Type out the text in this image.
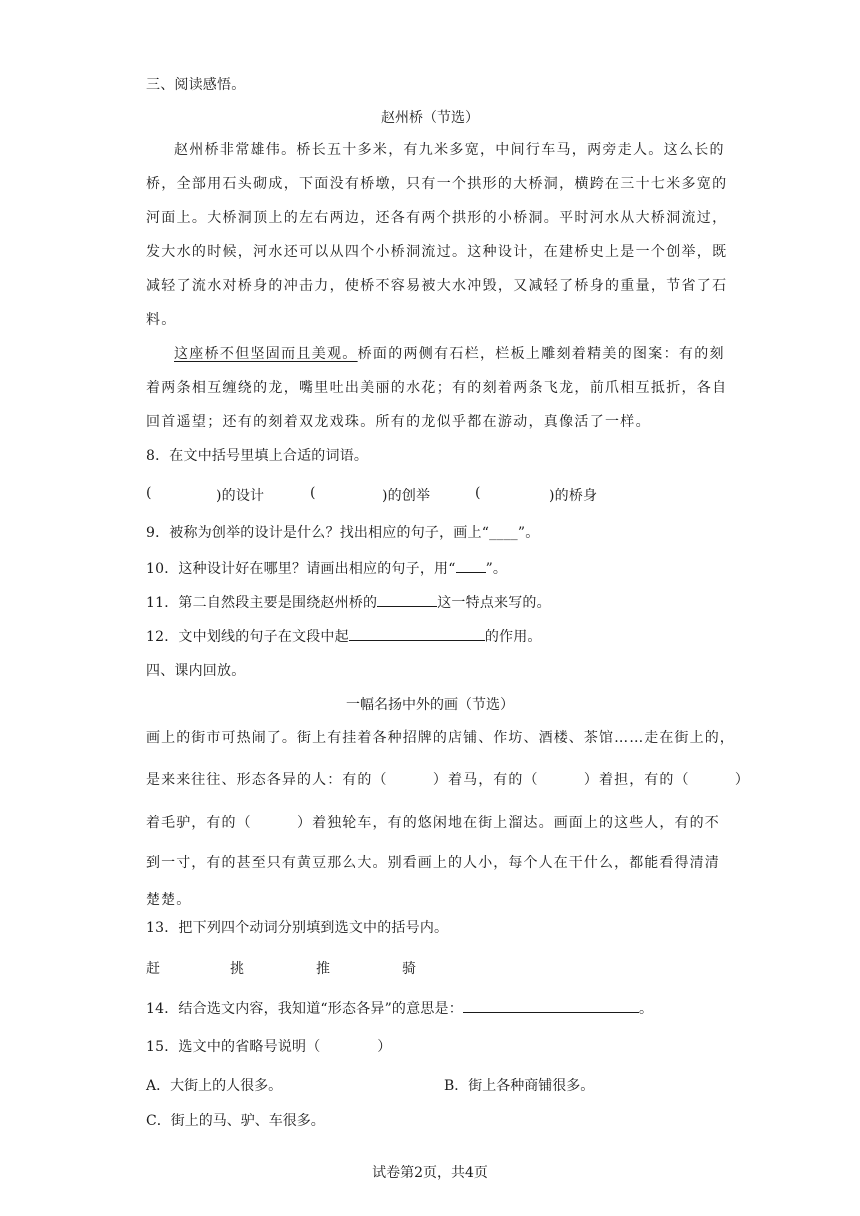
三、阅读感悟。
赵州桥（节选）
赵州桥非常雄伟。桥长五十多米，有九米多宽，中间行车马，两旁走人。这么长的
桥，全部用石头砌成，下面没有桥墩，只有一个拱形的大桥洞，横跨在三十七米多宽的
河面上。大桥洞顶上的左右两边，还各有两个拱形的小桥洞。平时河水从大桥洞流过，
发大水的时候，河水还可以从四个小桥洞流过。这种设计，在建桥史上是一个创举，既
减轻了流水对桥身的冲击力，使桥不容易被大水冲毁，又减轻了桥身的重量，节省了石
料。
这座桥不但坚固而且美观。桥面的两侧有石栏，栏板上雕刻着精美的图案：有的刻
着两条相互缠绕的龙，嘴里吐出美丽的水花；有的刻着两条飞龙，前爪相互抵折，各自
回首遥望；还有的刻着双龙戏珠。所有的龙似乎都在游动，真像活了一样。
8．在文中括号里填上合适的词语。
(	)的设计	(	)的创举	(	)的桥身
9．被称为创举的设计是什么？找出相应的句子，画上“____”。
10．这种设计好在哪里？请画出相应的句子，用“ ”。
11．第二自然段主要是围绕赵州桥的	这一特点来写的。
12．文中划线的句子在文段中起	的作用。
四、课内回放。
一幅名扬中外的画（节选）
画上的街市可热闹了。街上有挂着各种招牌的店铺、作坊、酒楼、茶馆……走在街上的，
是来来往往、形态各异的人：有的（　　　）着马，有的（　　　）着担，有的（　　　）
着毛驴，有的（　　　）着独轮车，有的悠闲地在街上溜达。画面上的这些人，有的不
到一寸，有的甚至只有黄豆那么大。别看画上的人小，每个人在干什么，都能看得清清
楚楚。
13．把下列四个动词分别填到选文中的括号内。
赶	挑	推	骑
14．结合选文内容，我知道“形态各异”的意思是：	。
15．选文中的省略号说明（　　　　）
A．大街上的人很多。	B．街上各种商铺很多。
C．街上的马、驴、车很多。
试卷第2页，共4页
